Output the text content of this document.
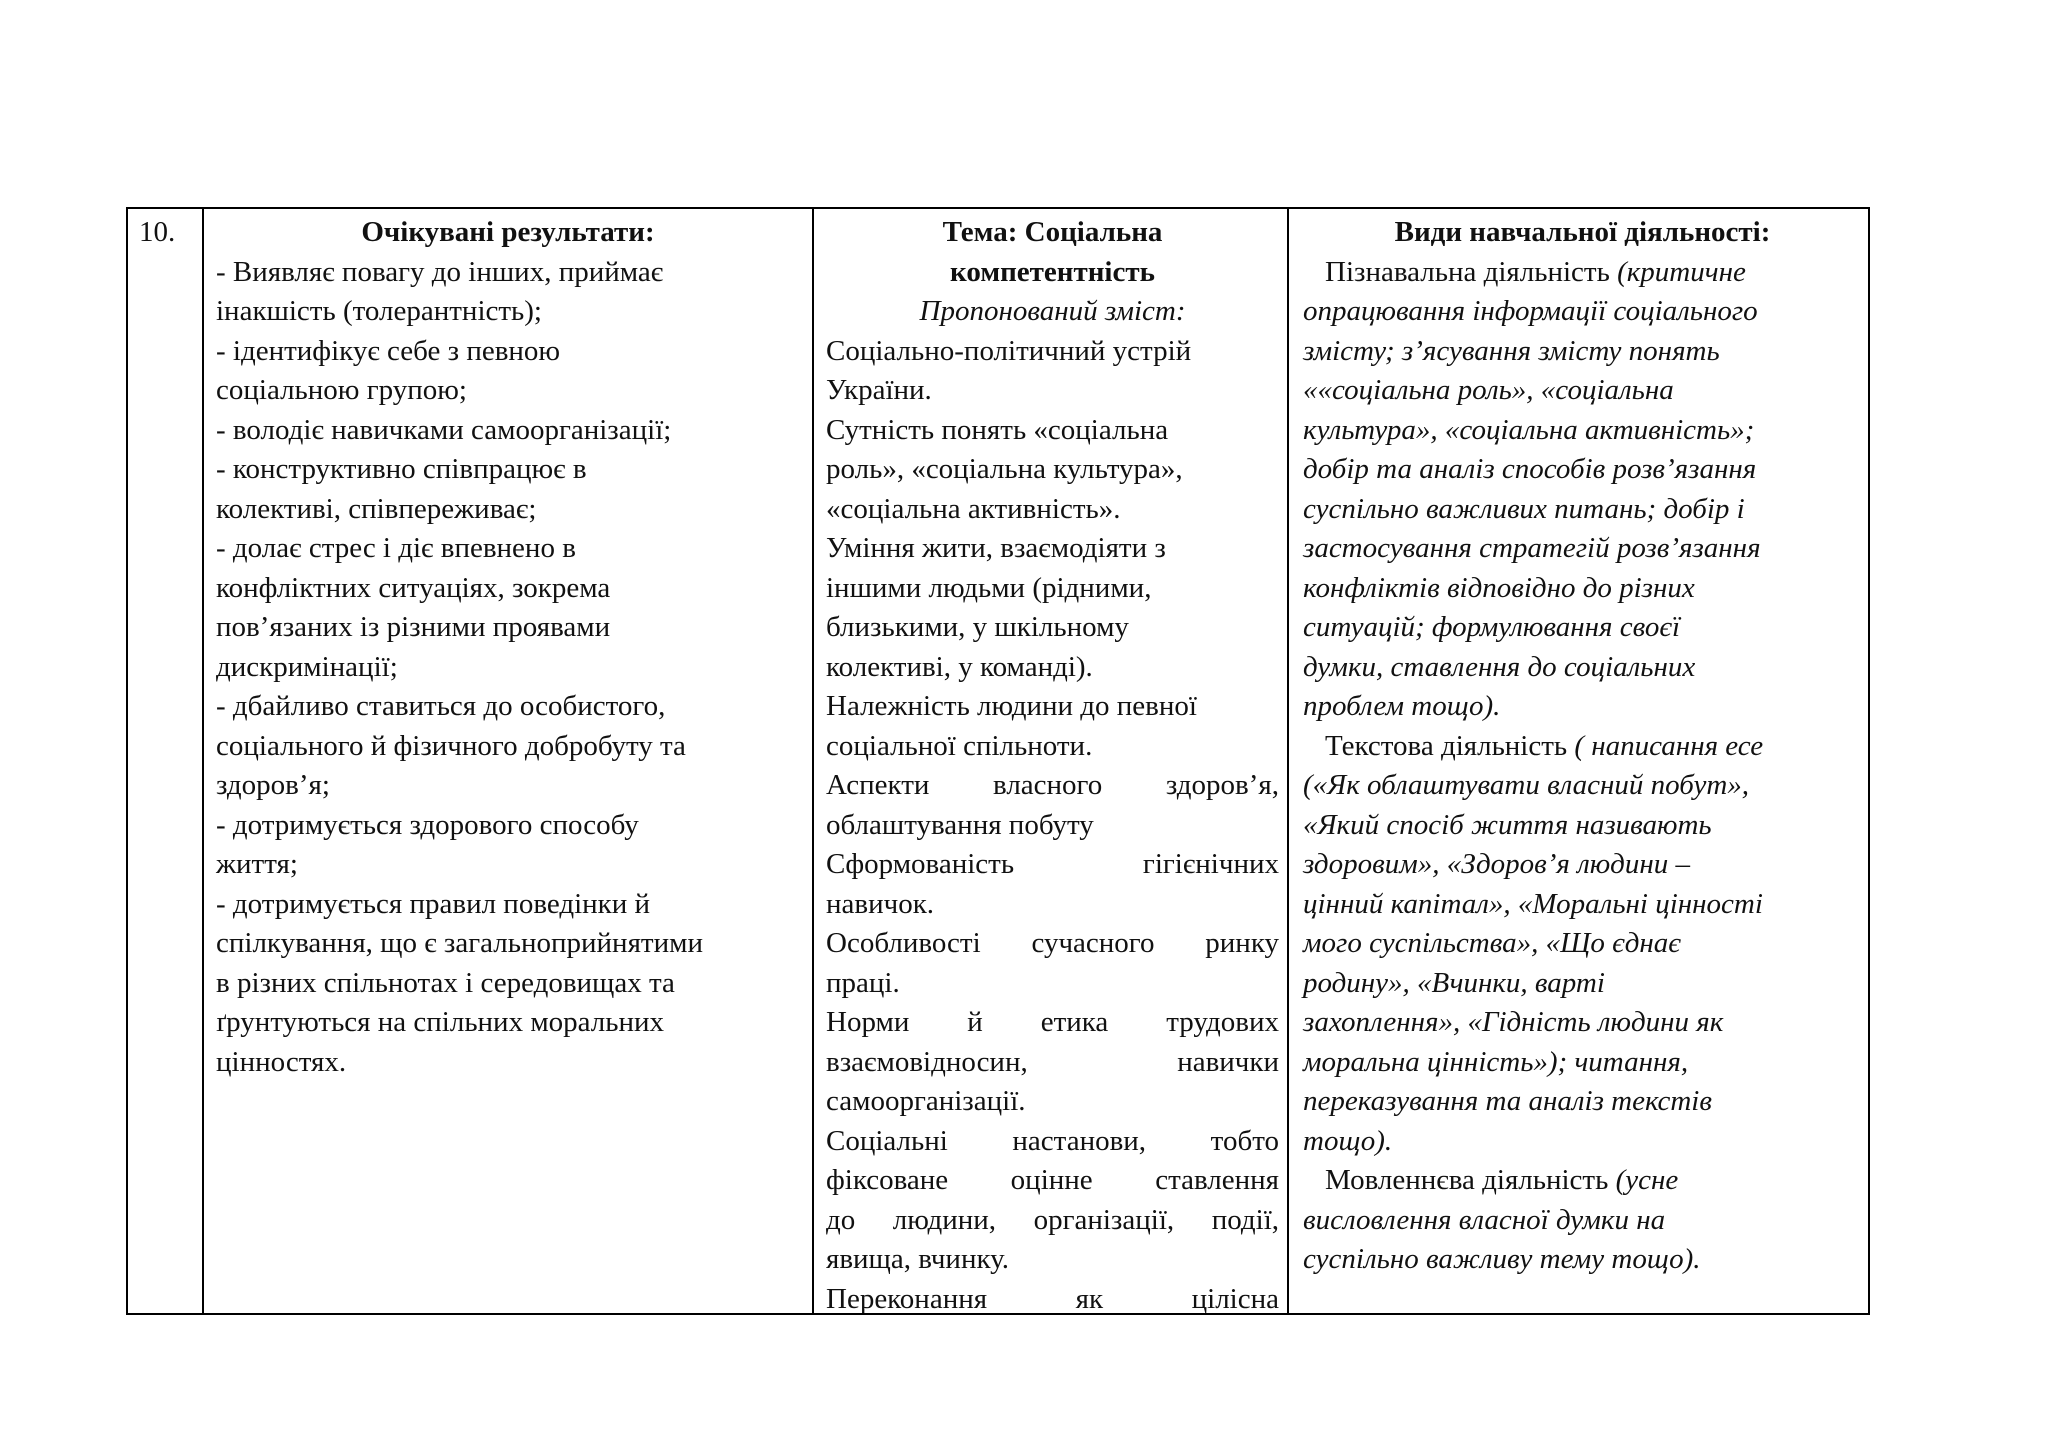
10.	Очікувані результати:
- Виявляє повагу до інших, приймає
інакшість (толерантність);
- ідентифікує себе з певною
соціальною групою;
- володіє навичками самоорганізації;
- конструктивно співпрацює в
колективі, співпереживає;
- долає стрес і діє впевнено в
конфліктних ситуаціях, зокрема
пов’язаних із різними проявами
дискримінації;
- дбайливо ставиться до особистого,
соціального й фізичного добробуту та
здоров’я;
- дотримується здорового способу
життя;
- дотримується правил поведінки й
спілкування, що є загальноприйнятими
в різних спільнотах і середовищах та
ґрунтуються на спільних моральних
цінностях.
Тема: Соціальна
компетентність
Пропонований зміст:
Соціально-політичний устрій
України.
Сутність понять «соціальна
роль», «соціальна культура»,
«соціальна активність».
Уміння жити, взаємодіяти з
іншими людьми (рідними,
близькими, у шкільному
колективі, у команді).
Належність людини до певної
соціальної спільноти.
Аспекти власного здоров’я,
облаштування побуту
Сформованість гігієнічних
навичок.
Особливості сучасного ринку
праці.
Норми й етика трудових
взаємовідносин, навички
самоорганізації.
Соціальні настанови, тобто
фіксоване оцінне ставлення
до людини, організації, події,
явища, вчинку.
Переконання як цілісна
Види навчальної діяльності:
Пізнавальна діяльність (критичне
опрацювання інформації соціального
змісту; з’ясування змісту понять
««соціальна роль», «соціальна
культура», «соціальна активність»;
добір та аналіз способів розв’язання
суспільно важливих питань; добір і
застосування стратегій розв’язання
конфліктів відповідно до різних
ситуацій; формулювання своєї
думки, ставлення до соціальних
проблем тощо).
Текстова діяльність ( написання есе
(«Як облаштувати власний побут»,
«Який спосіб життя називають
здоровим», «Здоров’я людини –
цінний капітал», «Моральні цінності
мого суспільства», «Що єднає
родину», «Вчинки, варті
захоплення», «Гідність людини як
моральна цінність»); читання,
переказування та аналіз текстів
тощо).
Мовленнєва діяльність (усне
висловлення власної думки на
суспільно важливу тему тощо).
